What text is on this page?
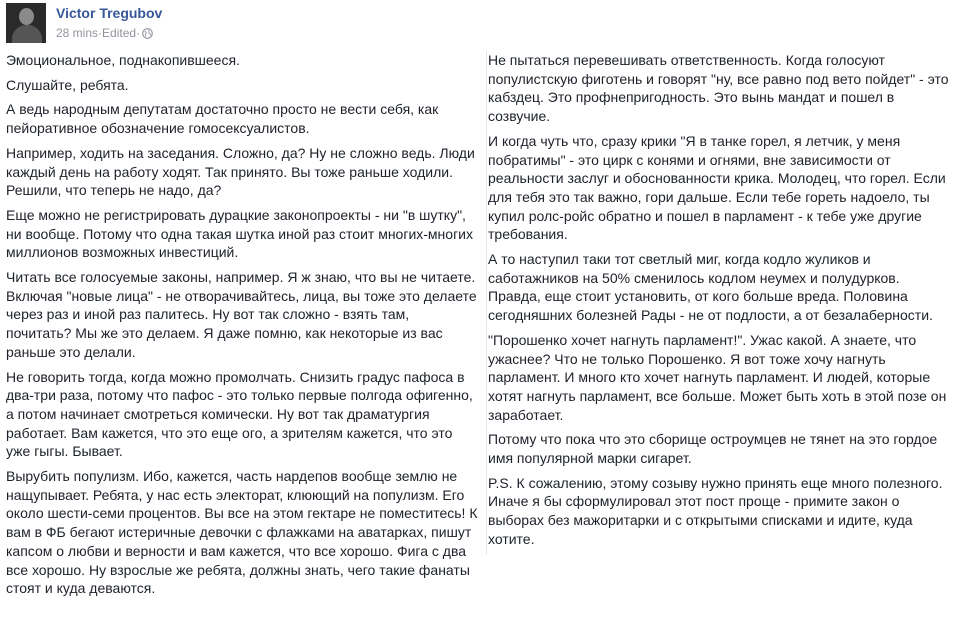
Victor Tregubov
28 mins·Edited·

Эмоциональное, поднакопившееся.

Слушайте, ребята.

А ведь народным депутатам достаточно просто не вести себя, как пейоративное обозначение гомосексуалистов.

Например, ходить на заседания. Сложно, да? Ну не сложно ведь. Люди каждый день на работу ходят. Так принято. Вы тоже раньше ходили. Решили, что теперь не надо, да?

Еще можно не регистрировать дурацкие законопроекты - ни "в шутку", ни вообще. Потому что одна такая шутка иной раз стоит многих-многих миллионов возможных инвестиций.

Читать все голосуемые законы, например. Я ж знаю, что вы не читаете. Включая "новые лица" - не отворачивайтесь, лица, вы тоже это делаете через раз и иной раз палитесь. Ну вот так сложно - взять там, почитать? Мы же это делаем. Я даже помню, как некоторые из вас раньше это делали.

Не говорить тогда, когда можно промолчать. Снизить градус пафоса в два-три раза, потому что пафос - это только первые полгода офигенно, а потом начинает смотреться комически. Ну вот так драматургия работает. Вам кажется, что это еще ого, а зрителям кажется, что это уже гыгы. Бывает.

Вырубить популизм. Ибо, кажется, часть нардепов вообще землю не нащупывает. Ребята, у нас есть электорат, клюющий на популизм. Его около шести-семи процентов. Вы все на этом гектаре не поместитесь! К вам в ФБ бегают истеричные девочки с флажками на аватарках, пишут капсом о любви и верности и вам кажется, что все хорошо. Фига с два все хорошо. Ну взрослые же ребята, должны знать, чего такие фанаты стоят и куда деваются.

Не пытаться перевешивать ответственность. Когда голосуют популистскую фиготень и говорят "ну, все равно под вето пойдет" - это кабздец. Это профнепригодность. Это вынь мандат и пошел в созвучие.

И когда чуть что, сразу крики "Я в танке горел, я летчик, у меня побратимы" - это цирк с конями и огнями, вне зависимости от реальности заслуг и обоснованности крика. Молодец, что горел. Если для тебя это так важно, гори дальше. Если тебе гореть надоело, ты купил ролс-ройс обратно и пошел в парламент - к тебе уже другие требования.

А то наступил таки тот светлый миг, когда кодло жуликов и саботажников на 50% сменилось кодлом неумех и полудурков. Правда, еще стоит установить, от кого больше вреда. Половина сегодняшних болезней Рады - не от подлости, а от безалаберности.

"Порошенко хочет нагнуть парламент!". Ужас какой. А знаете, что ужаснее? Что не только Порошенко. Я вот тоже хочу нагнуть парламент. И много кто хочет нагнуть парламент. И людей, которые хотят нагнуть парламент, все больше. Может быть хоть в этой позе он заработает.

Потому что пока что это сборище остроумцев не тянет на это гордое имя популярной марки сигарет.

P.S. К сожалению, этому созыву нужно принять еще много полезного. Иначе я бы сформулировал этот пост проще - примите закон о выборах без мажоритарки и с открытыми списками и идите, куда хотите.
